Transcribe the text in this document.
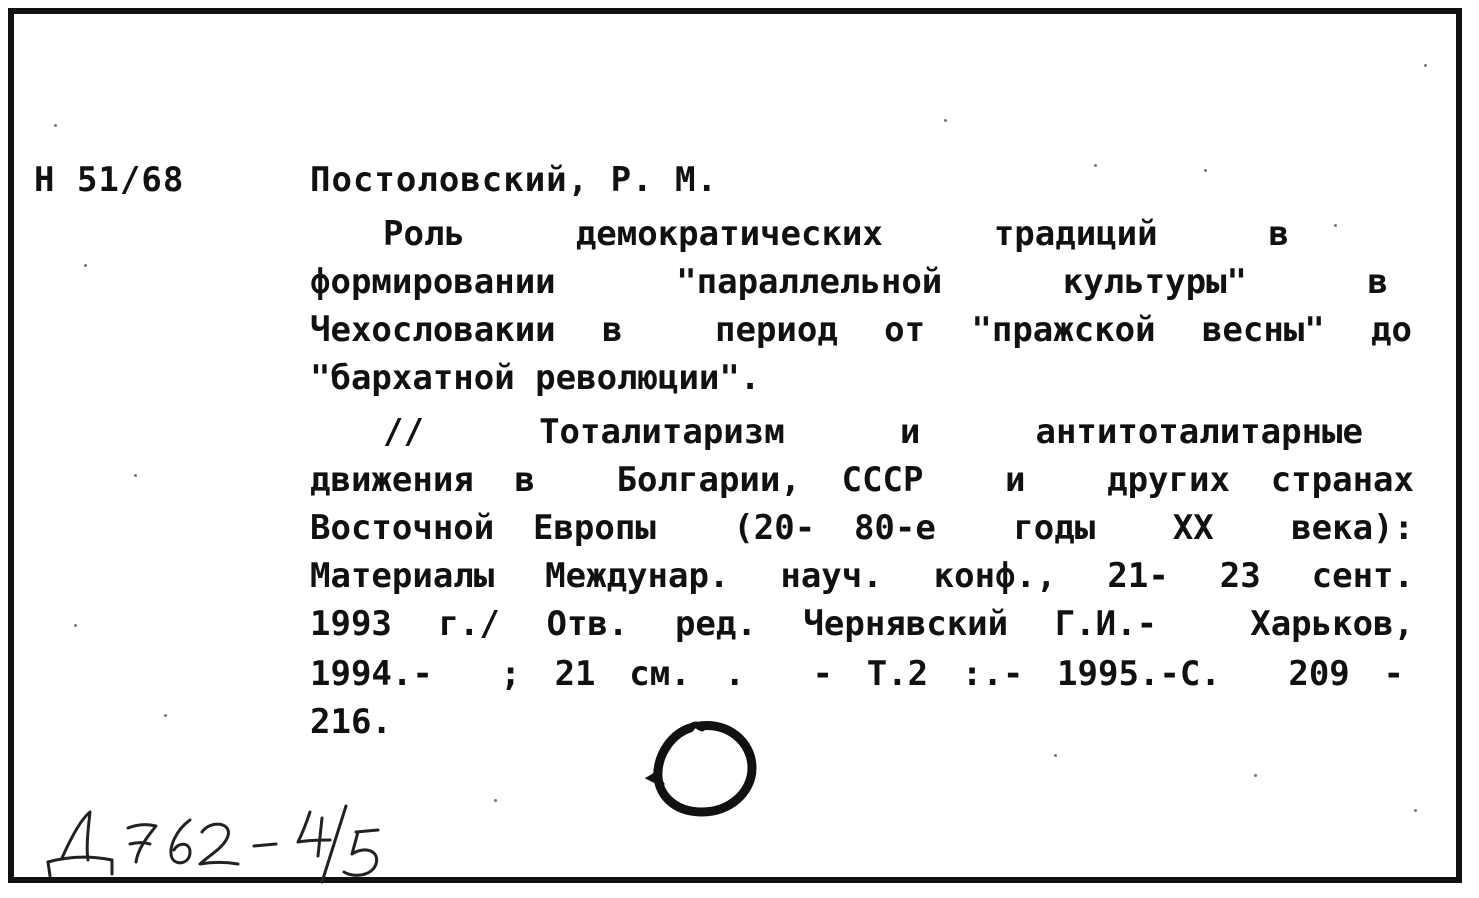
Н 51/68	Постоловский, Р. М.
Роль  демократических  традиций  в
формировании  "параллельной  культуры"  в
Чехословакии в  период от "пражской весны" до
"бархатной революции".
//  Тоталитаризм  и  антитоталитарные
движения в  Болгарии, СССР  и  других странах
Восточной Европы  (20- 80-е  годы  XX  века):
Материалы Междунар. науч. конф., 21- 23 сент.
1993 г./ Отв. ред. Чернявский Г.И.-  Харьков,
1994.-  ; 21 см. .  - Т.2 :.- 1995.-С.  209 -
216.
